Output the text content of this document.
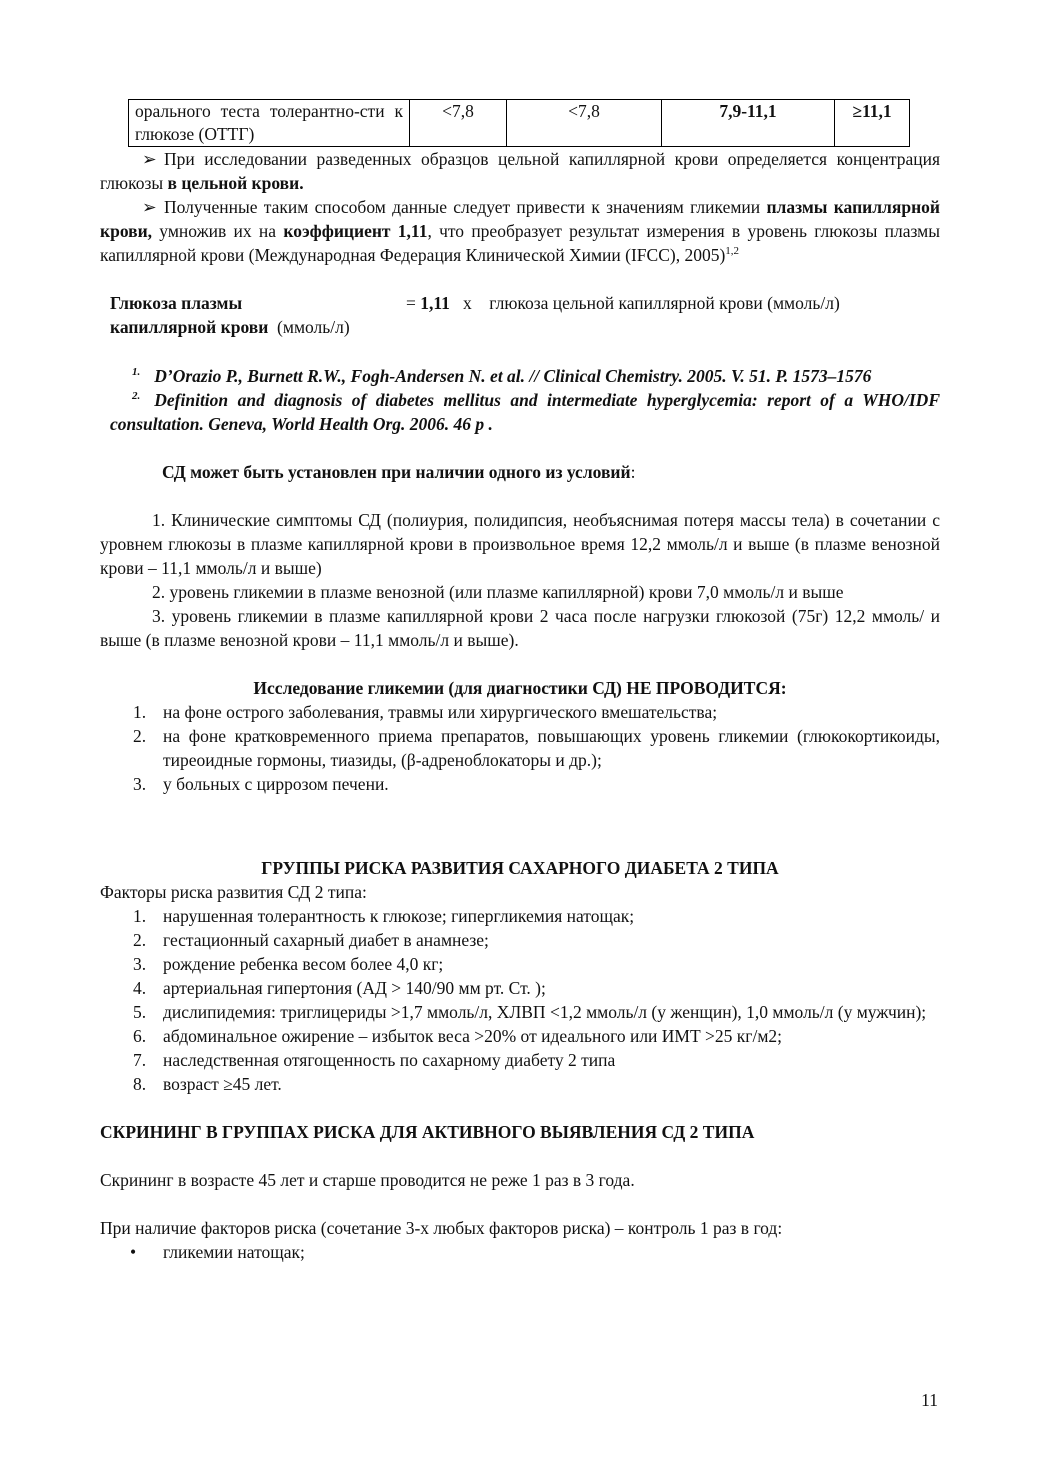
орального теста толерантно-сти к глюкозе (ОТТГ)	<7,8	<7,8	7,9-11,1	≥11,1

➢ При исследовании разведенных образцов цельной капиллярной крови определяется концентрация глюкозы в цельной крови.

➢ Полученные таким способом данные следует привести к значениям гликемии плазмы капиллярной крови, умножив их на коэффициент 1,11, что преобразует результат измерения в уровень глюкозы плазмы капиллярной крови (Международная Федерация Клинической Химии (IFCC), 2005)$^{1,2}$

Глюкоза плазмы
капиллярной крови (ммоль/л)
= 1,11 х глюкоза цельной капиллярной крови (ммоль/л)

$^{1.}$ D’Orazio P., Burnett R.W., Fogh-Andersen N. et al. // Clinical Chemistry. 2005. V. 51. P. 1573–1576

$^{2.}$ Definition and diagnosis of diabetes mellitus and intermediate hyperglycemia: report of a WHO/IDF consultation. Geneva, World Health Org. 2006. 46 p .

СД может быть установлен при наличии одного из условий:

1. Клинические симптомы СД (полиурия, полидипсия, необъяснимая потеря массы тела) в сочетании с уровнем глюкозы в плазме капиллярной крови в произвольное время 12,2 ммоль/л и выше (в плазме венозной крови – 11,1 ммоль/л и выше)

2. уровень гликемии в плазме венозной (или плазме капиллярной) крови 7,0 ммоль/л и выше

3. уровень гликемии в плазме капиллярной крови 2 часа после нагрузки глюкозой (75г) 12,2 ммоль/ и выше (в плазме венозной крови – 11,1 ммоль/л и выше).

Исследование гликемии (для диагностики СД) НЕ ПРОВОДИТСЯ:

1. на фоне острого заболевания, травмы или хирургического вмешательства;
2. на фоне кратковременного приема препаратов, повышающих уровень гликемии (глюкокортикоиды, тиреоидные гормоны, тиазиды, (β-адреноблокаторы и др.);
3. у больных с циррозом печени.

ГРУППЫ РИСКА РАЗВИТИЯ САХАРНОГО ДИАБЕТА 2 ТИПА

Факторы риска развития СД 2 типа:

1. нарушенная толерантность к глюкозе; гипергликемия натощак;
2. гестационный сахарный диабет в анамнезе;
3. рождение ребенка весом более 4,0 кг;
4. артериальная гипертония (АД > 140/90 мм рт. Ст. );
5. дислипидемия: триглицериды >1,7 ммоль/л, ХЛВП <1,2 ммоль/л (у женщин), 1,0 ммоль/л (у мужчин);
6. абдоминальное ожирение – избыток веса >20% от идеального или ИМТ >25 кг/м2;
7. наследственная отягощенность по сахарному диабету 2 типа
8. возраст ≥45 лет.

СКРИНИНГ В ГРУППАХ РИСКА ДЛЯ АКТИВНОГО ВЫЯВЛЕНИЯ СД 2 ТИПА

Скрининг в возрасте 45 лет и старше проводится не реже 1 раз в 3 года.

При наличие факторов риска (сочетание 3-х любых факторов риска) – контроль 1 раз в год:

• гликемии натощак;
11
